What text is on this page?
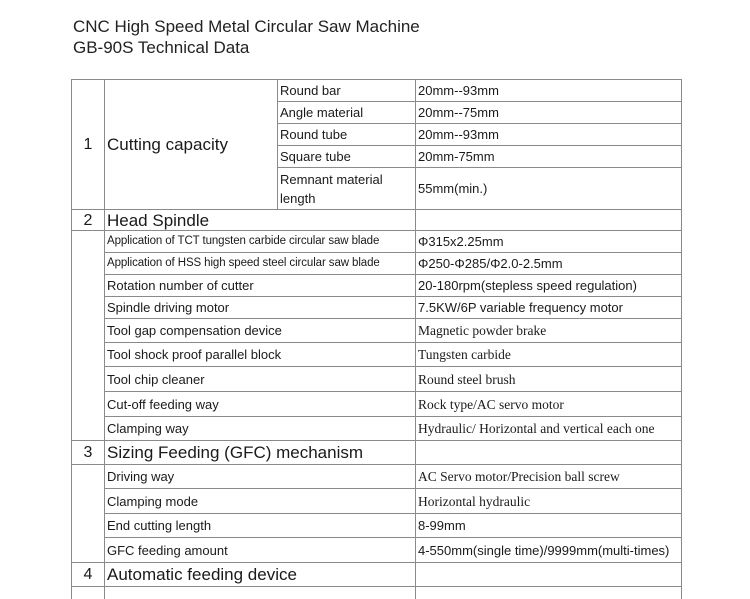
CNC High Speed Metal Circular Saw Machine
GB-90S Technical Data
1	Cutting capacity	Round bar	20mm--93mm
		Angle material	20mm--75mm
		Round tube	20mm--93mm
		Square tube	20mm-75mm
		Remnant material length	55mm(min.)
2	Head Spindle		
	Application of TCT tungsten carbide circular saw blade		Φ315x2.25mm
	Application of HSS high speed steel circular saw blade		Φ250-Φ285/Φ2.0-2.5mm
	Rotation number of cutter		20-180rpm(stepless speed regulation)
	Spindle driving motor		7.5KW/6P variable frequency motor
	Tool gap compensation device		Magnetic powder brake
	Tool shock proof parallel block		Tungsten carbide
	Tool chip cleaner		Round steel brush
	Cut-off feeding way		Rock type/AC servo motor
	Clamping way		Hydraulic/ Horizontal and vertical each one
3	Sizing Feeding (GFC) mechanism		
	Driving way		AC Servo motor/Precision ball screw
	Clamping mode		Horizontal hydraulic
	End cutting length		8-99mm
	GFC feeding amount		4-550mm(single time)/9999mm(multi-times)
4	Automatic feeding device		
